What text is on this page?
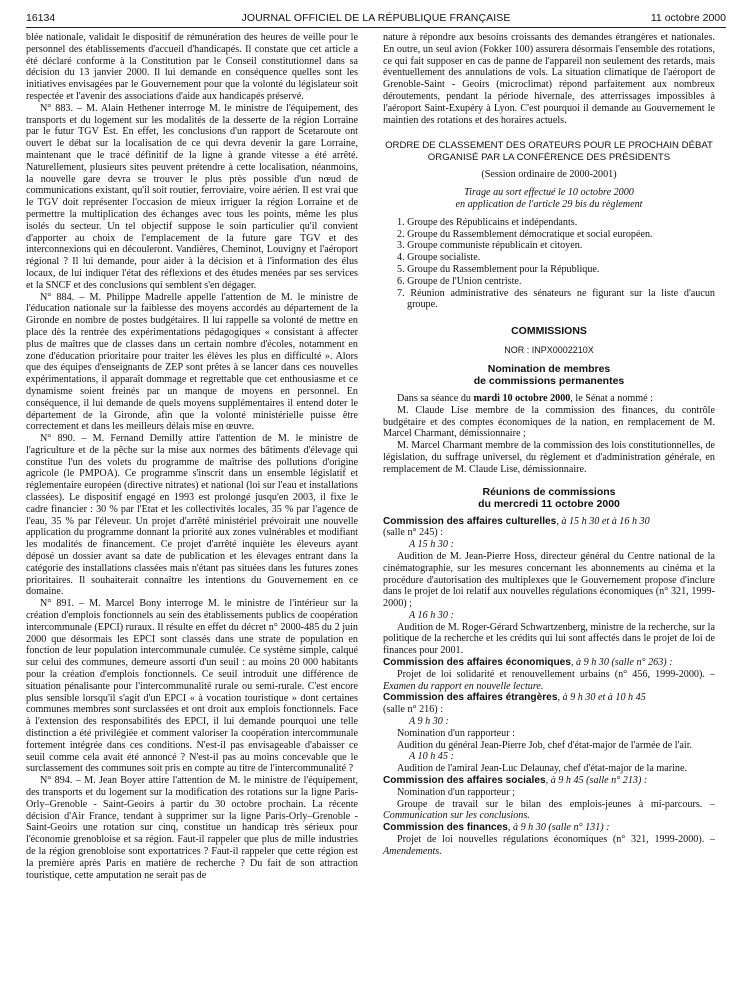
16134	JOURNAL OFFICIEL DE LA RÉPUBLIQUE FRANÇAISE	11 octobre 2000

blée nationale, validait le dispositif de rémunération des heures de veille pour le personnel des établissements d'accueil d'handicapés. Il constate que cet article a été déclaré conforme à la Constitution par le Conseil constitutionnel dans sa décision du 13 janvier 2000. Il lui demande en conséquence quelles sont les initiatives envisagées par le Gouvernement pour que la volonté du législateur soit respectée et l'avenir des associations d'aide aux handicapés préservé.

N° 883. – M. Alain Hethener interroge M. le ministre de l'équipement, des transports et du logement sur les modalités de la desserte de la région Lorraine par le futur TGV Est. En effet, les conclusions d'un rapport de Scetaroute ont ouvert le débat sur la localisation de ce qui devra devenir la gare Lorraine, maintenant que le tracé définitif de la ligne à grande vitesse a été arrêté. Naturellement, plusieurs sites peuvent prétendre à cette localisation, néanmoins, la nouvelle gare devra se trouver le plus près possible d'un nœud de communications existant, qu'il soit routier, ferroviaire, voire aérien. Il est vrai que le TGV doit représenter l'occasion de mieux irriguer la région Lorraine et de permettre la multiplication des échanges avec tous les points, même les plus isolés du secteur. Un tel objectif suppose le soin particulier qu'il convient d'apporter au choix de l'emplacement de la future gare TGV et des interconnexions qui en découleront. Vandières, Cheminot, Louvigny et l'aéroport régional ? Il lui demande, pour aider à la décision et à l'information des élus locaux, de lui indiquer l'état des réflexions et des études menées par ses services et la SNCF et des conclusions qui semblent s'en dégager.

N° 884. – M. Philippe Madrelle appelle l'attention de M. le ministre de l'éducation nationale sur la faiblesse des moyens accordés au département de la Gironde en nombre de postes budgétaires. Il lui rappelle sa volonté de mettre en place dès la rentrée des expérimentations pédagogiques « consistant à affecter plus de maîtres que de classes dans un certain nombre d'écoles, notamment en zone d'éducation prioritaire pour traiter les élèves les plus en difficulté ». Alors que des équipes d'enseignants de ZEP sont prêtes à se lancer dans ces nouvelles expérimentations, il apparaît dommage et regrettable que cet enthousiasme et ce dynamisme soient freinés par un manque de moyens en personnel. En conséquence, il lui demande de quels moyens supplémentaires il entend doter le département de la Gironde, afin que la volonté ministérielle puisse être correctement et dans les meilleurs délais mise en œuvre.

N° 890. – M. Fernand Demilly attire l'attention de M. le ministre de l'agriculture et de la pêche sur la mise aux normes des bâtiments d'élevage qui constitue l'un des volets du programme de maîtrise des pollutions d'origine agricole (le PMPOA). Ce programme s'inscrit dans un ensemble législatif et réglementaire européen (directive nitrates) et national (loi sur l'eau et installations classées). Le dispositif engagé en 1993 est prolongé jusqu'en 2003, il fixe le cadre financier : 30 % par l'Etat et les collectivités locales, 35 % par l'agence de l'eau, 35 % par l'éleveur. Un projet d'arrêté ministériel prévoirait une nouvelle application du programme donnant la priorité aux zones vulnérables et modifiant les modalités de financement. Ce projet d'arrêté inquiète les éleveurs ayant déposé un dossier avant sa date de publication et les élevages entrant dans la catégorie des installations classées mais n'étant pas situées dans les futures zones prioritaires. Il souhaiterait connaître les intentions du Gouvernement en ce domaine.

N° 891. – M. Marcel Bony interroge M. le ministre de l'intérieur sur la création d'emplois fonctionnels au sein des établissements publics de coopération intercommunale (EPCI) ruraux. Il résulte en effet du décret n° 2000-485 du 2 juin 2000 que désormais les EPCI sont classés dans une strate de population en fonction de leur population intercommunale cumulée. Ce système simple, calqué sur celui des communes, demeure assorti d'un seuil : au moins 20 000 habitants pour la création d'emplois fonctionnels. Ce seuil introduit une différence de situation pénalisante pour l'intercommunalité rurale ou semi-rurale. C'est encore plus sensible lorsqu'il s'agit d'un EPCI « à vocation touristique » dont certaines communes membres sont surclassées et ont droit aux emplois fonctionnels. Face à l'extension des responsabilités des EPCI, il lui demande pourquoi une telle distinction a été privilégiée et comment valoriser la coopération intercommunale fortement intégrée dans ces conditions. N'est-il pas envisageable d'abaisser ce seuil comme cela avait été annoncé ? N'est-il pas au moins concevable que le surclassement des communes soit pris en compte au titre de l'intercommunalité ?

N° 894. – M. Jean Boyer attire l'attention de M. le ministre de l'équipement, des transports et du logement sur la modification des rotations sur la ligne Paris-Orly–Grenoble - Saint-Geoirs à partir du 30 octobre prochain. La récente décision d'Air France, tendant à supprimer sur la ligne Paris-Orly–Grenoble - Saint-Geoirs une rotation sur cinq, constitue un handicap très sérieux pour l'économie grenobloise et sa région. Faut-il rappeler que plus de mille industries de la région grenobloise sont exportatrices ? Faut-il rappeler que cette région est la première après Paris en matière de recherche ? Du fait de son attraction touristique, cette amputation ne serait pas de

nature à répondre aux besoins croissants des demandes étrangères et nationales. En outre, un seul avion (Fokker 100) assurera désormais l'ensemble des rotations, ce qui fait supposer en cas de panne de l'appareil non seulement des retards, mais éventuellement des annulations de vols. La situation climatique de l'aéroport de Grenoble-Saint - Geoirs (microclimat) répond parfaitement aux nombreux déroutements, pendant la période hivernale, des atterrissages impossibles à l'aéroport Saint-Exupéry à Lyon. C'est pourquoi il demande au Gouvernement le maintien des rotations et des horaires actuels.

ORDRE DE CLASSEMENT DES ORATEURS POUR LE PROCHAIN DÉBAT ORGANISÉ PAR LA CONFÉRENCE DES PRÉSIDENTS

(Session ordinaire de 2000-2001)

Tirage au sort effectué le 10 octobre 2000

en application de l'article 29 bis du règlement

1. Groupe des Républicains et indépendants.
2. Groupe du Rassemblement démocratique et social européen.
3. Groupe communiste républicain et citoyen.
4. Groupe socialiste.
5. Groupe du Rassemblement pour la République.
6. Groupe de l'Union centriste.
7. Réunion administrative des sénateurs ne figurant sur la liste d'aucun groupe.
COMMISSIONS

NOR : INPX0002210X

Nomination de membres
de commissions permanentes

Dans sa séance du mardi 10 octobre 2000, le Sénat a nommé :

M. Claude Lise membre de la commission des finances, du contrôle budgétaire et des comptes économiques de la nation, en remplacement de M. Marcel Charmant, démissionnaire ;

M. Marcel Charmant membre de la commission des lois constitutionnelles, de législation, du suffrage universel, du règlement et d'administration générale, en remplacement de M. Claude Lise, démissionnaire.

Réunions de commissions
du mercredi 11 octobre 2000

Commission des affaires culturelles, à 15 h 30 et à 16 h 30

(salle n° 245) :

A 15 h 30 :

Audition de M. Jean-Pierre Hoss, directeur général du Centre national de la cinématographie, sur les mesures concernant les abonnements au cinéma et la procédure d'autorisation des multiplexes que le Gouvernement propose d'inclure dans le projet de loi relatif aux nouvelles régulations économiques (n° 321, 1999-2000) ;

A 16 h 30 :

Audition de M. Roger-Gérard Schwartzenberg, ministre de la recherche, sur la politique de la recherche et les crédits qui lui sont affectés dans le projet de loi de finances pour 2001.

Commission des affaires économiques, à 9 h 30 (salle n° 263) :

Projet de loi solidarité et renouvellement urbains (n° 456, 1999-2000). – Examen du rapport en nouvelle lecture.

Commission des affaires étrangères, à 9 h 30 et à 10 h 45

(salle n° 216) :

A 9 h 30 :

Nomination d'un rapporteur :

Audition du général Jean-Pierre Job, chef d'état-major de l'armée de l'air.

A 10 h 45 :

Audition de l'amiral Jean-Luc Delaunay, chef d'état-major de la marine.

Commission des affaires sociales, à 9 h 45 (salle n° 213) :

Nomination d'un rapporteur ;

Groupe de travail sur le bilan des emplois-jeunes à mi-parcours. – Communication sur les conclusions.

Commission des finances, à 9 h 30 (salle n° 131) :

Projet de loi nouvelles régulations économiques (n° 321, 1999-2000). – Amendements.
